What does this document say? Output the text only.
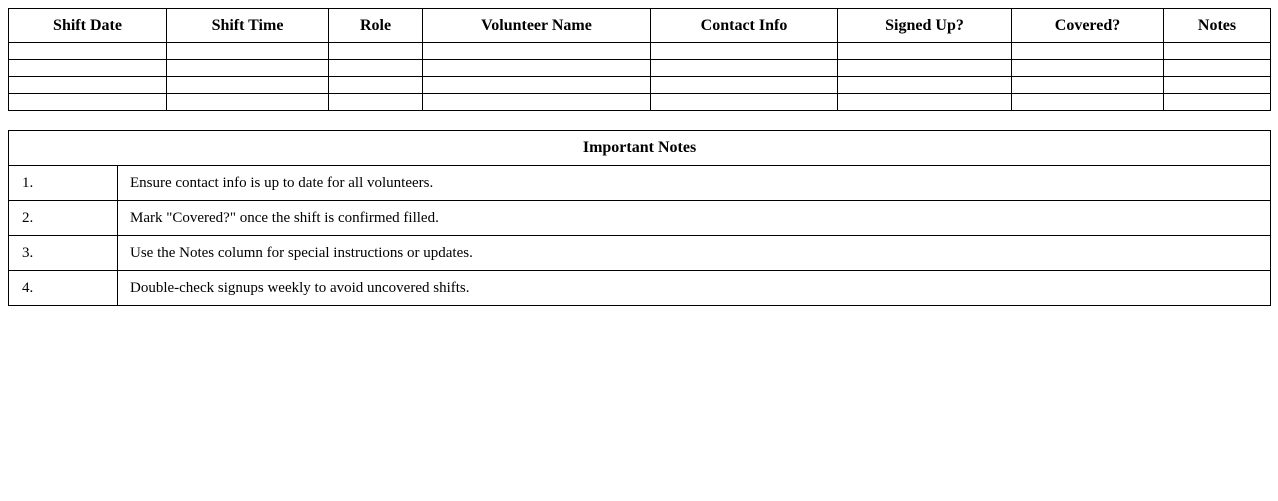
Shift Date	Shift Time	Role	Volunteer Name	Contact Info	Signed Up?	Covered?	Notes

Important Notes	
1.	Ensure contact info is up to date for all volunteers.
2.	Mark "Covered?" once the shift is confirmed filled.
3.	Use the Notes column for special instructions or updates.
4.	Double-check signups weekly to avoid uncovered shifts.
